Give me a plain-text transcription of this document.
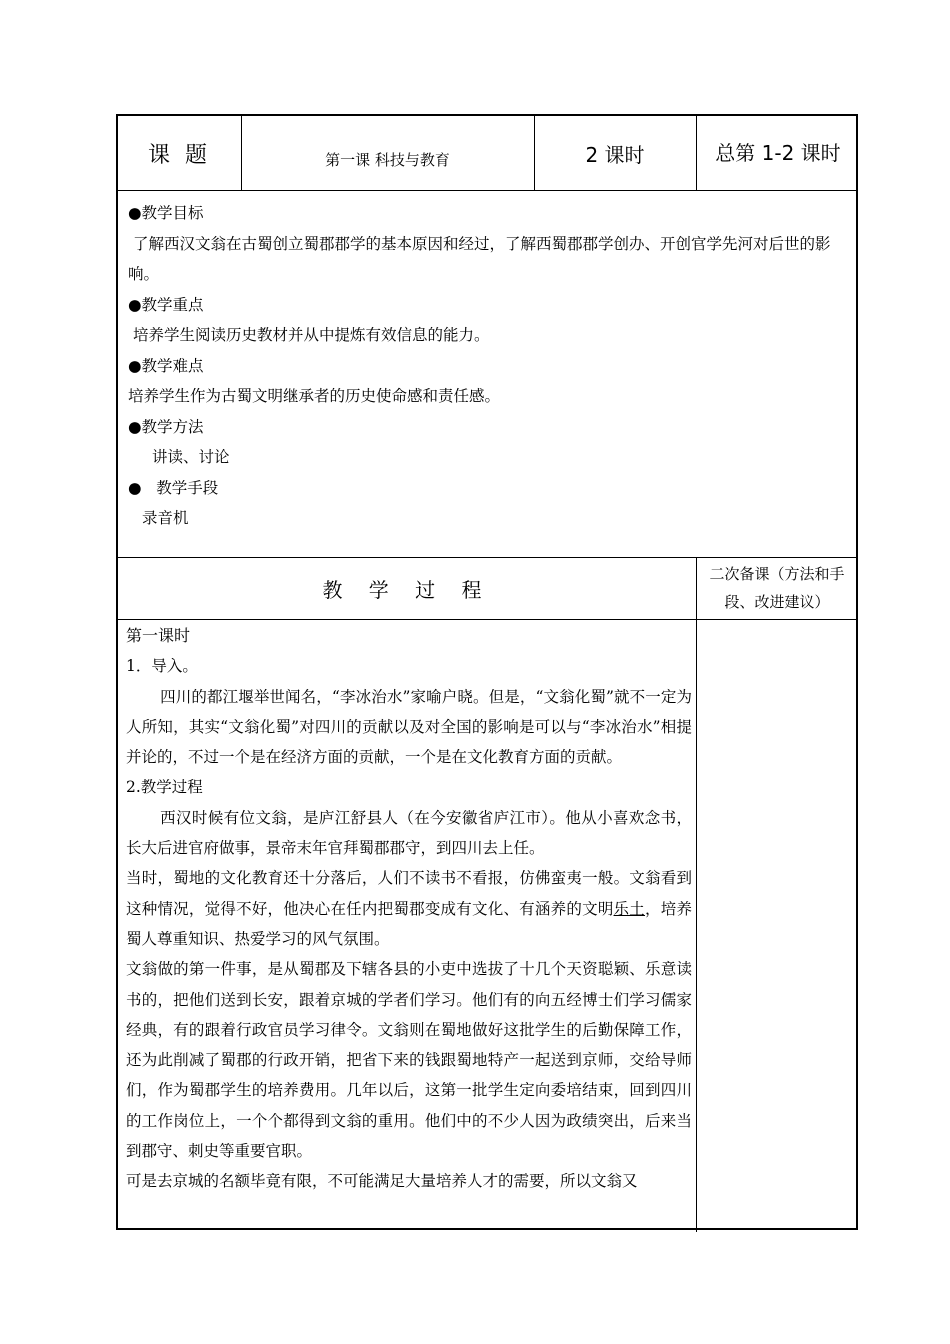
课 题	第一课 科技与教育	2 课时	总第 1-2 课时

●教学目标

了解西汉文翁在古蜀创立蜀郡郡学的基本原因和经过，了解西蜀郡郡学创办、开创官学先河对后世的影响。

●教学重点

培养学生阅读历史教材并从中提炼有效信息的能力。

●教学难点

培养学生作为古蜀文明继承者的历史使命感和责任感。

●教学方法

讲读、讨论

●   教学手段

录音机

教 学 过 程
二次备课（方法和手段、改进建议）

第一课时

1．导入。

四川的都江堰举世闻名，“李冰治水”家喻户晓。但是，“文翁化蜀”就不一定为人所知，其实“文翁化蜀”对四川的贡献以及对全国的影响是可以与“李冰治水”相提并论的，不过一个是在经济方面的贡献，一个是在文化教育方面的贡献。

2.教学过程

西汉时候有位文翁，是庐江舒县人（在今安徽省庐江市）。他从小喜欢念书，长大后进官府做事，景帝末年官拜蜀郡郡守，到四川去上任。

当时，蜀地的文化教育还十分落后，人们不读书不看报，仿佛蛮夷一般。文翁看到这种情况，觉得不好，他决心在任内把蜀郡变成有文化、有涵养的文明乐土，培养蜀人尊重知识、热爱学习的风气氛围。

文翁做的第一件事，是从蜀郡及下辖各县的小吏中选拔了十几个天资聪颖、乐意读书的，把他们送到长安，跟着京城的学者们学习。他们有的向五经博士们学习儒家经典，有的跟着行政官员学习律令。文翁则在蜀地做好这批学生的后勤保障工作，还为此削减了蜀郡的行政开销，把省下来的钱跟蜀地特产一起送到京师，交给导师们，作为蜀郡学生的培养费用。几年以后，这第一批学生定向委培结束，回到四川的工作岗位上，一个个都得到文翁的重用。他们中的不少人因为政绩突出，后来当到郡守、刺史等重要官职。

可是去京城的名额毕竟有限，不可能满足大量培养人才的需要，所以文翁又
